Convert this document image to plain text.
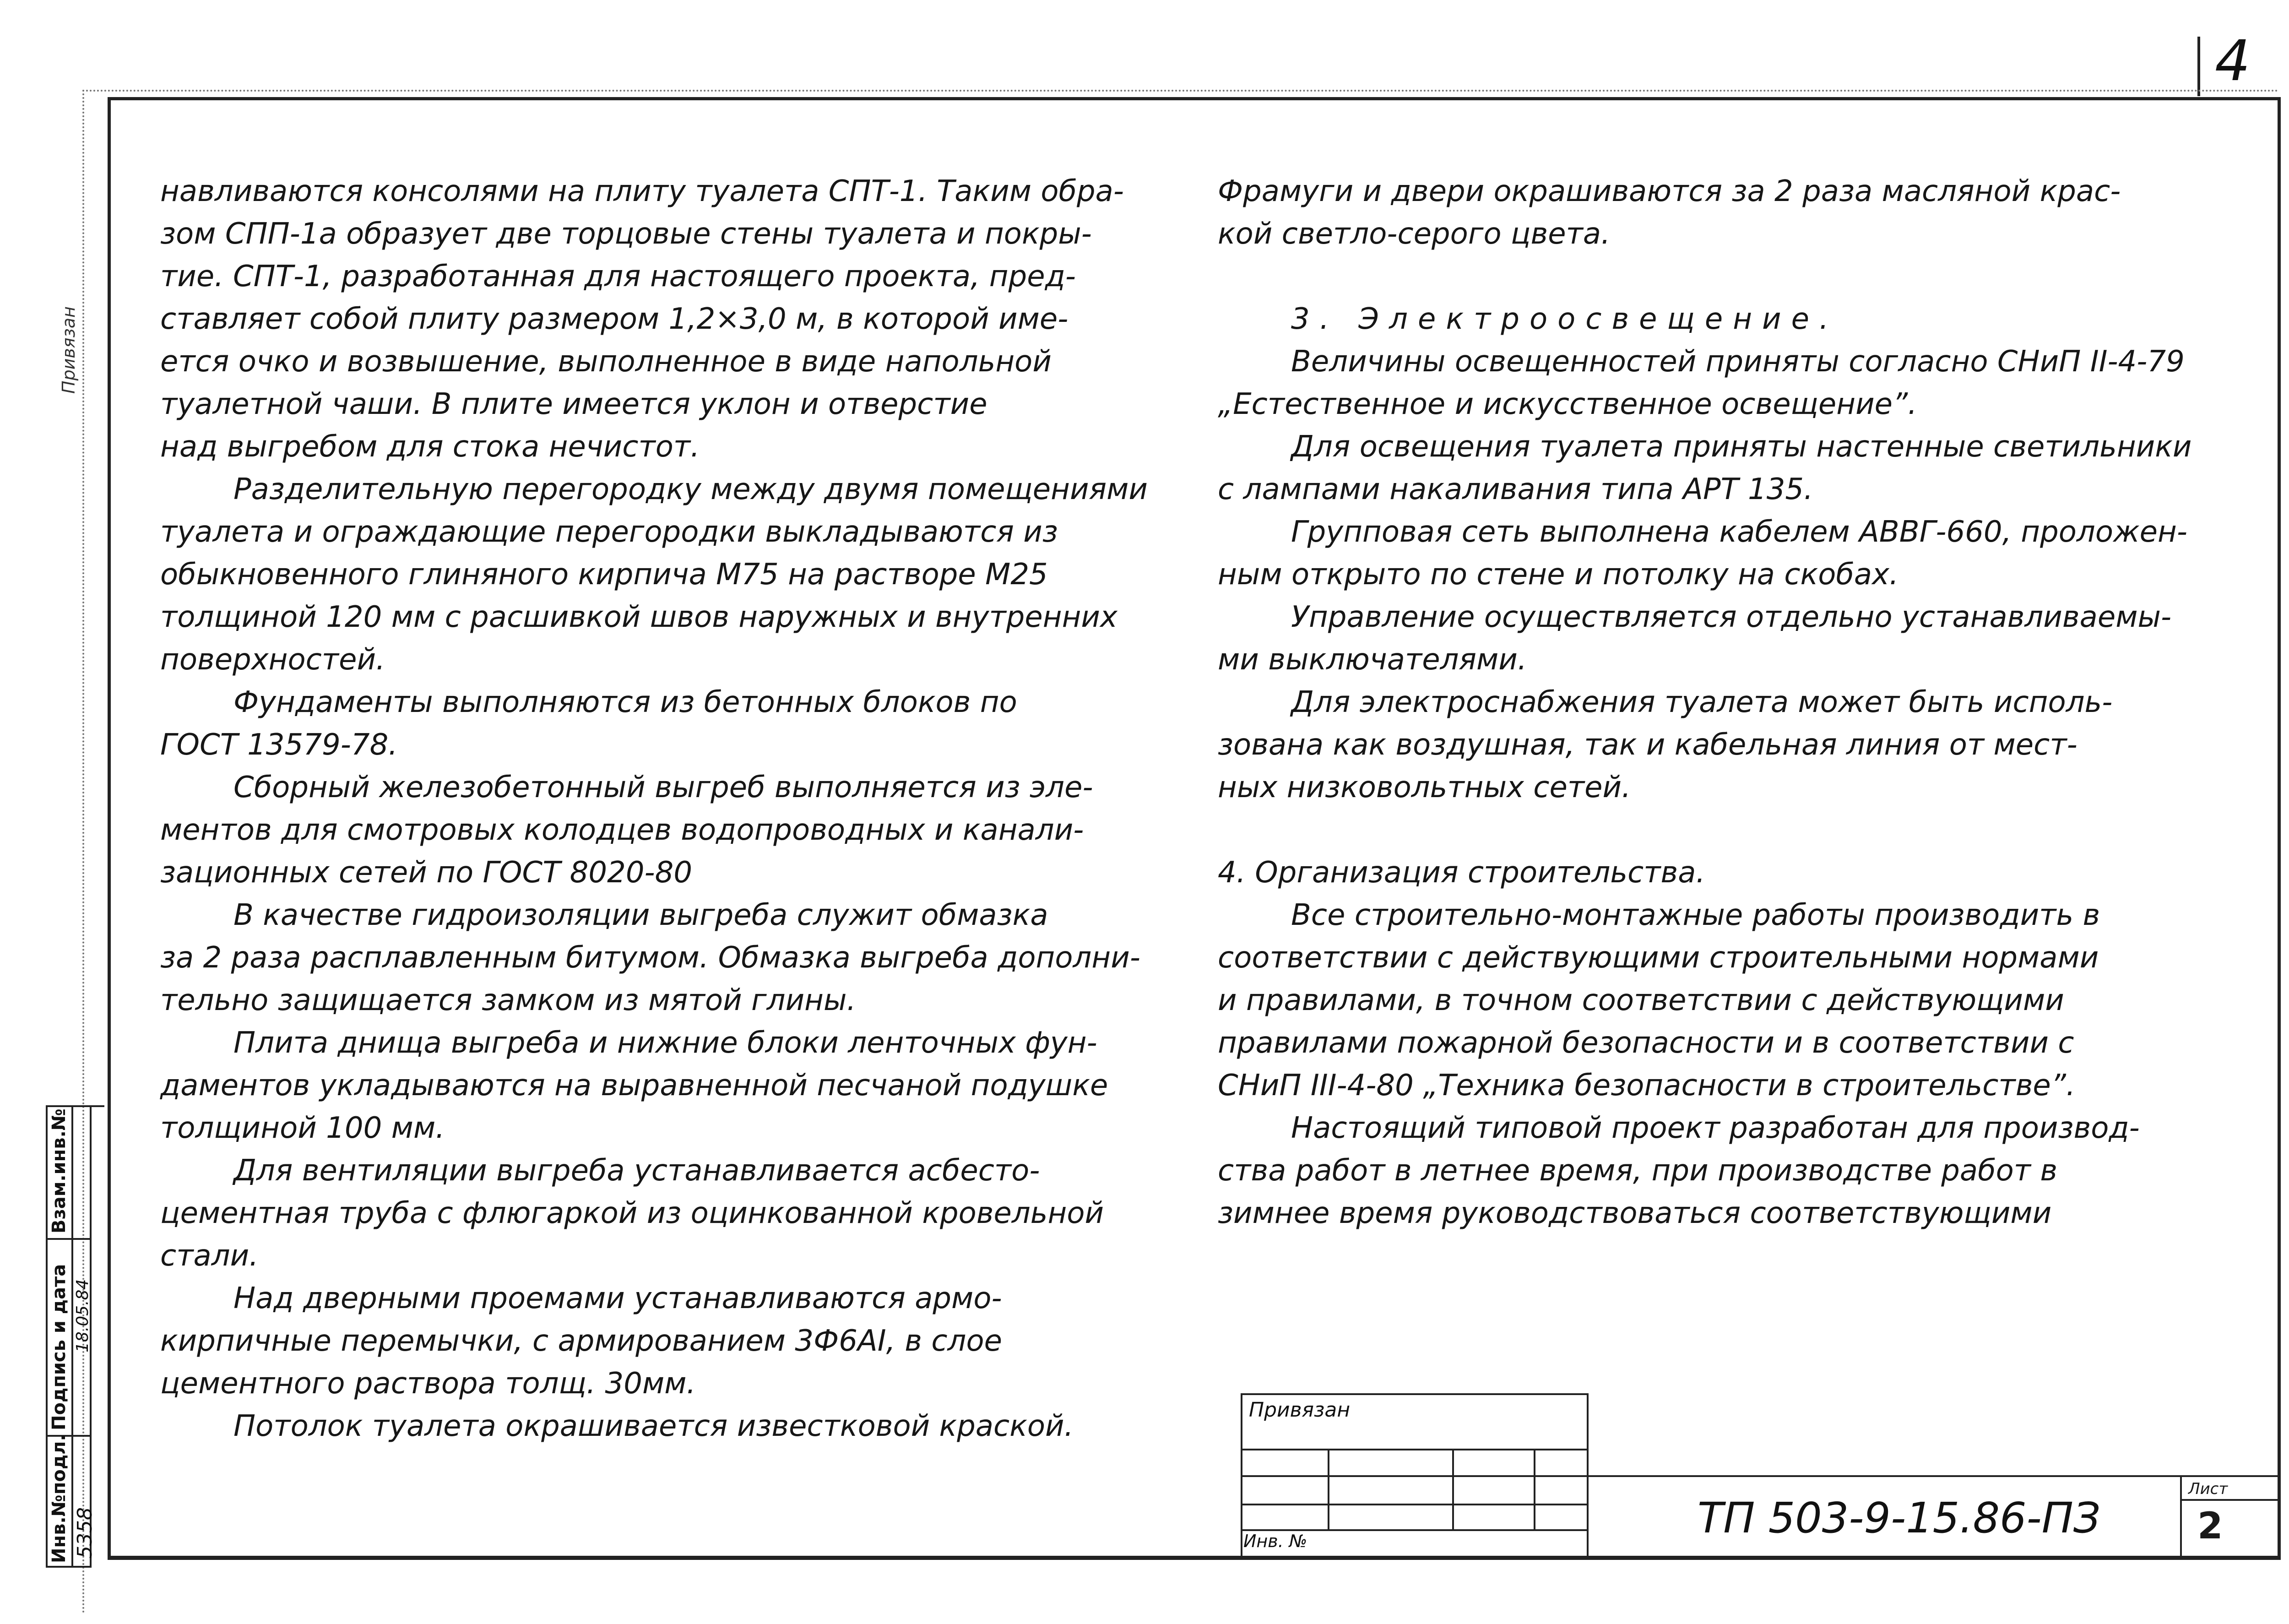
4

навливаются консолями на плиту туалета СПТ-1. Таким обра-

зом СПП-1а образует две торцовые стены туалета и покры-

тие. СПТ-1, разработанная для настоящего проекта, пред-

ставляет собой плиту размером 1,2×3,0 м, в которой име-

ется очко и возвышение, выполненное в виде напольной

туалетной чаши. В плите имеется уклон и отверстие

над выгребом для стока нечистот.

Разделительную перегородку между двумя помещениями

туалета и ограждающие перегородки выкладываются из

обыкновенного глиняного кирпича М75 на растворе М25

толщиной 120 мм с расшивкой швов наружных и внутренних

поверхностей.

Фундаменты выполняются из бетонных блоков по

ГОСТ 13579-78.

Сборный железобетонный выгреб выполняется из эле-

ментов для смотровых колодцев водопроводных и канали-

зационных сетей по ГОСТ 8020-80

В качестве гидроизоляции выгреба служит обмазка

за 2 раза расплавленным битумом. Обмазка выгреба дополни-

тельно защищается замком из мятой глины.

Плита днища выгреба и нижние блоки ленточных фун-

даментов укладываются на выравненной песчаной подушке

толщиной 100 мм.

Для вентиляции выгреба устанавливается асбесто-

цементная труба с флюгаркой из оцинкованной кровельной

стали.

Над дверными проемами устанавливаются армо-

кирпичные перемычки, с армированием 3Ф6АI, в слое

цементного раствора толщ. 30мм.

Потолок туалета окрашивается известковой краской.

Фрамуги и двери окрашиваются за 2 раза масляной крас-

кой светло-серого цвета.

3. Электроосвещение.

Величины освещенностей приняты согласно СНиП II-4-79

„Естественное и искусственное освещение”.

Для освещения туалета приняты настенные светильники

с лампами накаливания типа АРТ 135.

Групповая сеть выполнена кабелем АВВГ-660, проложен-

ным открыто по стене и потолку на скобах.

Управление осуществляется отдельно устанавливаемы-

ми выключателями.

Для электроснабжения туалета может быть исполь-

зована как воздушная, так и кабельная линия от мест-

ных низковольтных сетей.

4. Организация строительства.

Все строительно-монтажные работы производить в

соответствии с действующими строительными нормами

и правилами, в точном соответствии с действующими

правилами пожарной безопасности и в соответствии с

СНиП III-4-80 „Техника безопасности в строительстве”.

Настоящий типовой проект разработан для производ-

ства работ в летнее время, при производстве работ в

зимнее время руководствоваться соответствующими

Привязан
Взам.инв.№
Подпись и дата
Инв.№подл. 5358
18.05.84
Привязан
Инв. №	ТП 503-9-15.86-ПЗ
Лист
2
